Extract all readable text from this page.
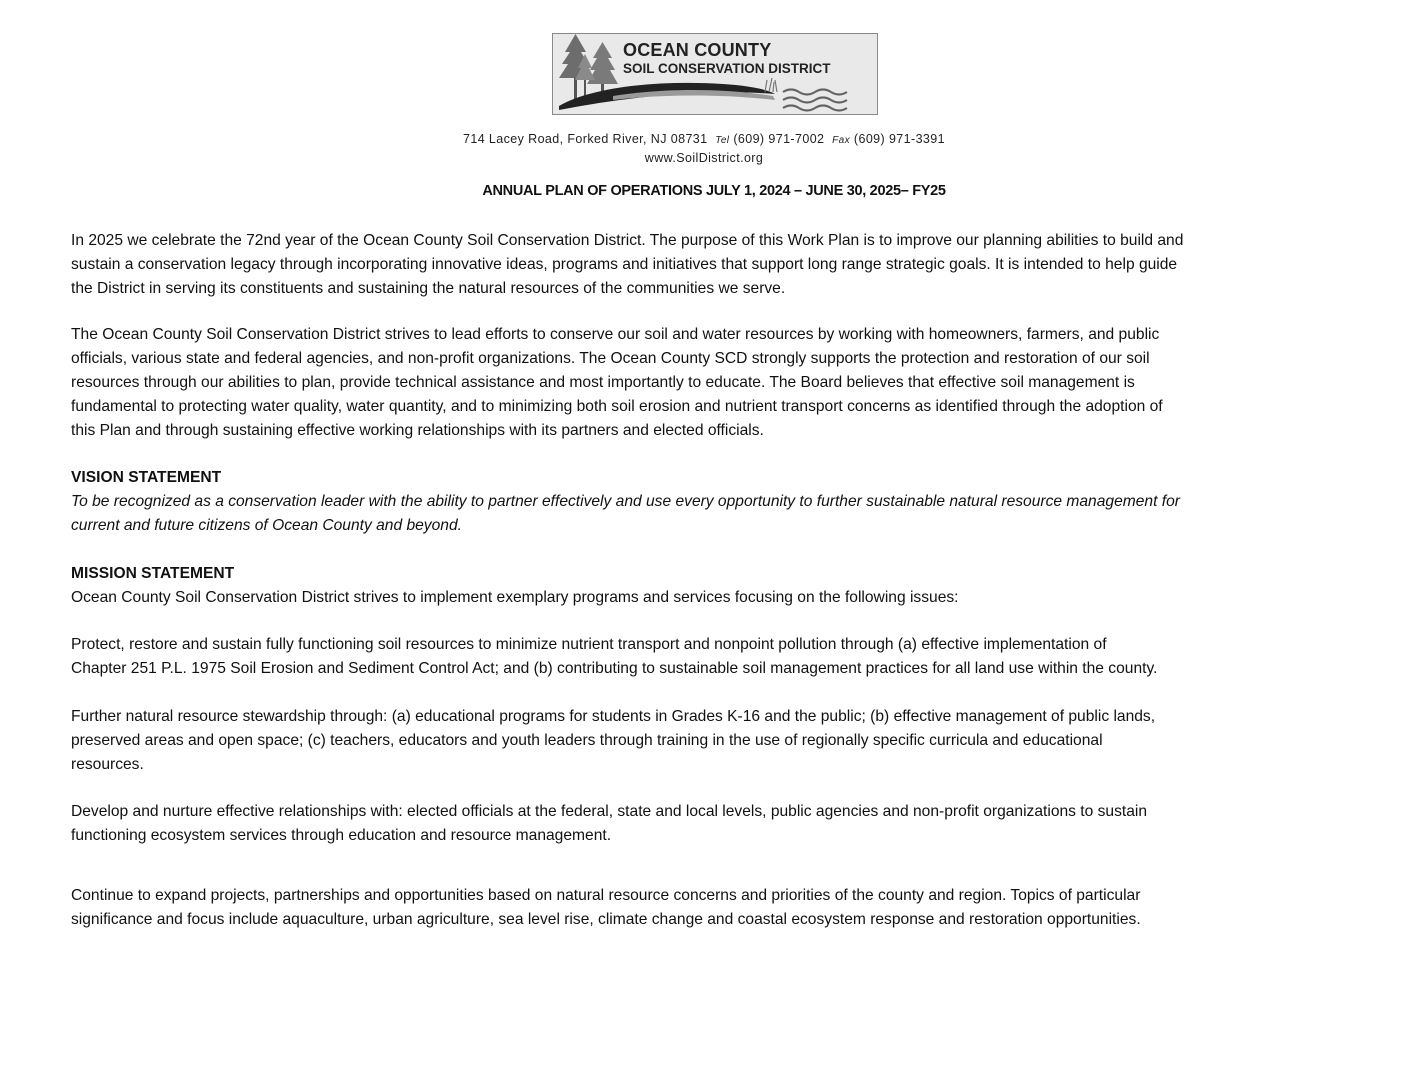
OCEAN COUNTY
SOIL CONSERVATION DISTRICT
714 Lacey Road, Forked River, NJ 08731 Tel (609) 971-7002 Fax (609) 971-3391
www.SoilDistrict.org
ANNUAL PLAN OF OPERATIONS JULY 1, 2024 – JUNE 30, 2025– FY25

In 2025 we celebrate the 72nd year of the Ocean County Soil Conservation District. The purpose of this Work Plan is to improve our planning abilities to build and
sustain a conservation legacy through incorporating innovative ideas, programs and initiatives that support long range strategic goals. It is intended to help guide
the District in serving its constituents and sustaining the natural resources of the communities we serve.

The Ocean County Soil Conservation District strives to lead efforts to conserve our soil and water resources by working with homeowners, farmers, and public
officials, various state and federal agencies, and non-profit organizations. The Ocean County SCD strongly supports the protection and restoration of our soil
resources through our abilities to plan, provide technical assistance and most importantly to educate. The Board believes that effective soil management is
fundamental to protecting water quality, water quantity, and to minimizing both soil erosion and nutrient transport concerns as identified through the adoption of
this Plan and through sustaining effective working relationships with its partners and elected officials.

VISION STATEMENT

To be recognized as a conservation leader with the ability to partner effectively and use every opportunity to further sustainable natural resource management for
current and future citizens of Ocean County and beyond.

MISSION STATEMENT

Ocean County Soil Conservation District strives to implement exemplary programs and services focusing on the following issues:

Protect, restore and sustain fully functioning soil resources to minimize nutrient transport and nonpoint pollution through (a) effective implementation of
Chapter 251 P.L. 1975 Soil Erosion and Sediment Control Act; and (b) contributing to sustainable soil management practices for all land use within the county.

Further natural resource stewardship through: (a) educational programs for students in Grades K-16 and the public; (b) effective management of public lands,
preserved areas and open space; (c) teachers, educators and youth leaders through training in the use of regionally specific curricula and educational
resources.

Develop and nurture effective relationships with: elected officials at the federal, state and local levels, public agencies and non-profit organizations to sustain
functioning ecosystem services through education and resource management.

Continue to expand projects, partnerships and opportunities based on natural resource concerns and priorities of the county and region. Topics of particular
significance and focus include aquaculture, urban agriculture, sea level rise, climate change and coastal ecosystem response and restoration opportunities.
